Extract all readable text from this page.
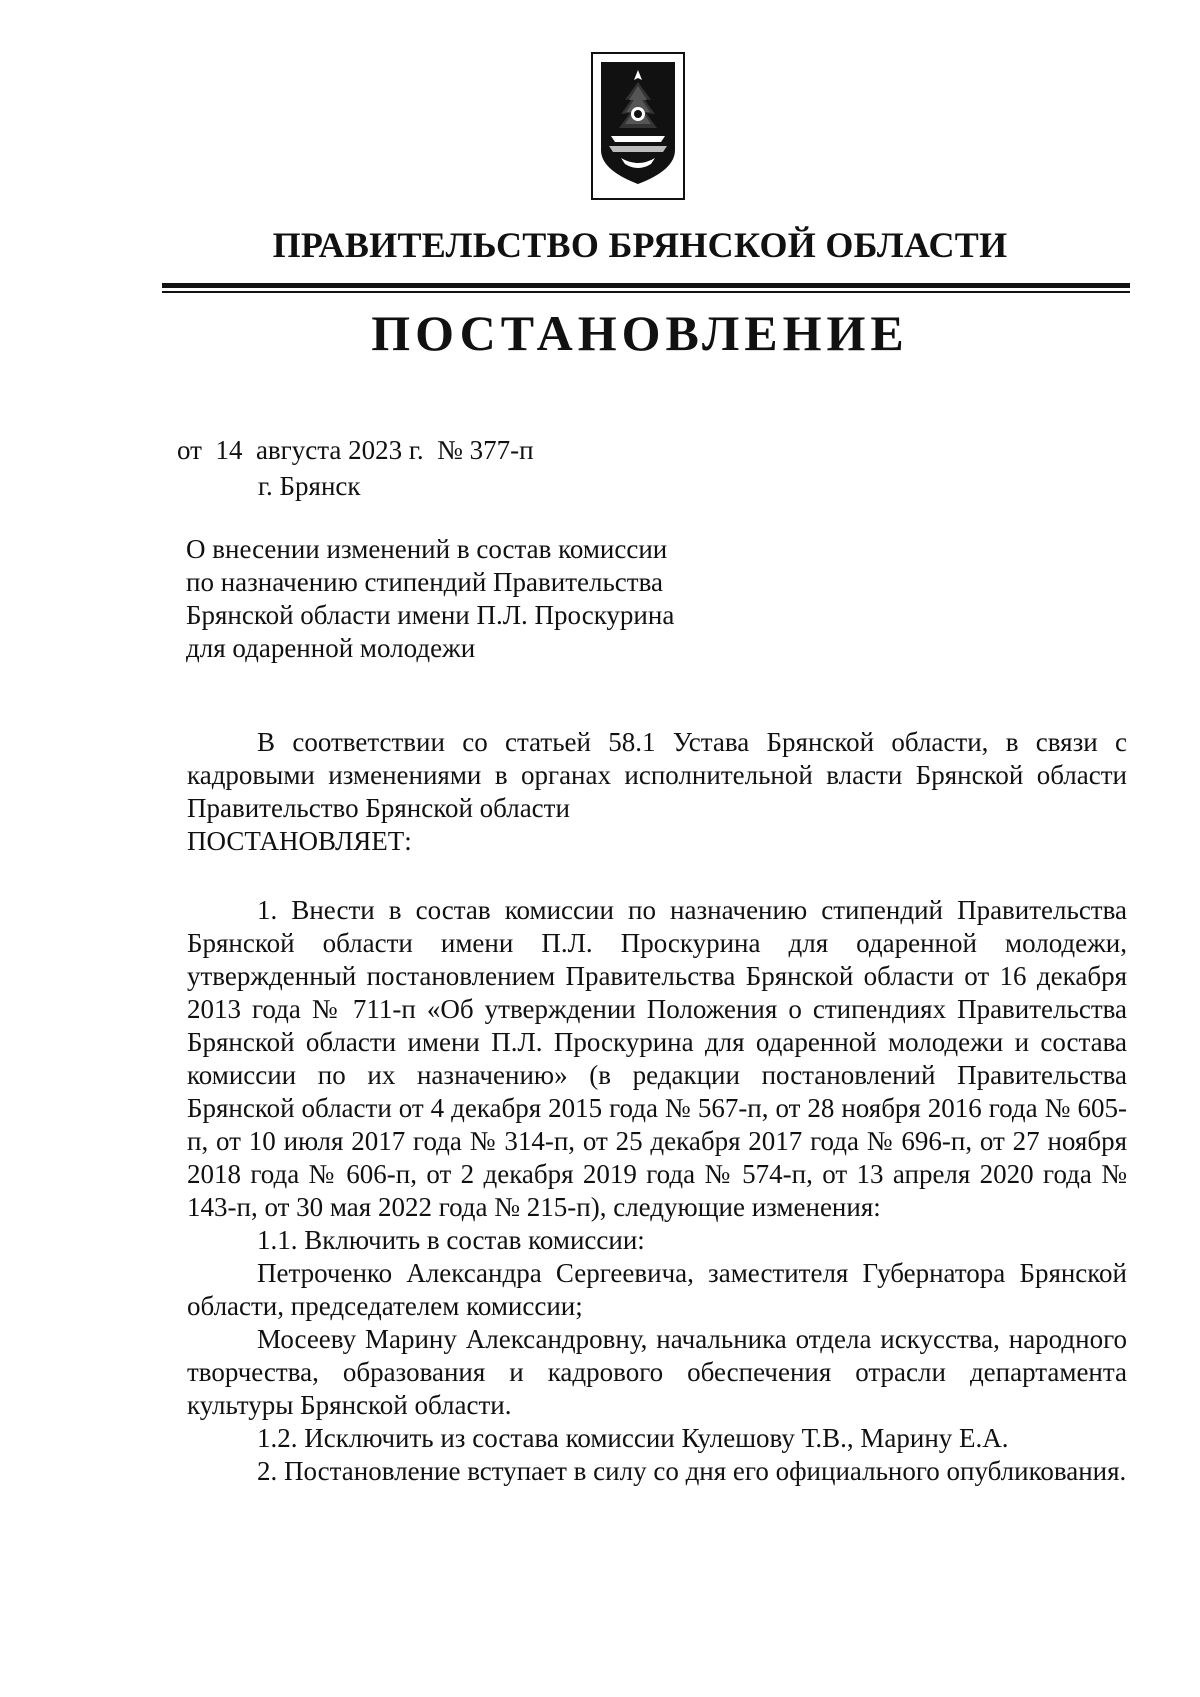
ПРАВИТЕЛЬСТВО БРЯНСКОЙ ОБЛАСТИ
ПОСТАНОВЛЕНИЕ
от  14  августа 2023 г.  № 377-п
г. Брянск
О внесении изменений в состав комиссии
по назначению стипендий Правительства
Брянской области имени П.Л. Проскурина
для одаренной молодежи

В соответствии со статьей 58.1 Устава Брянской области, в связи с кадровыми изменениями в органах исполнительной власти Брянской области Правительство Брянской области

ПОСТАНОВЛЯЕТ:

1. Внести в состав комиссии по назначению стипендий Правительства Брянской области имени П.Л. Проскурина для одаренной молодежи, утвержденный постановлением Правительства Брянской области от 16 декабря 2013 года № 711-п «Об утверждении Положения о стипендиях Правительства Брянской области имени П.Л. Проскурина для одаренной молодежи и состава комиссии по их назначению» (в редакции постановлений Правительства Брянской области от 4 декабря 2015 года № 567-п, от 28 ноября 2016 года № 605-п, от 10 июля 2017 года № 314-п, от 25 декабря 2017 года № 696-п, от 27 ноября 2018 года № 606-п, от 2 декабря 2019 года № 574-п, от 13 апреля 2020 года № 143-п, от 30 мая 2022 года № 215-п), следующие изменения:

1.1. Включить в состав комиссии:

Петроченко Александра Сергеевича, заместителя Губернатора Брянской области, председателем комиссии;

Мосееву Марину Александровну, начальника отдела искусства, народного творчества, образования и кадрового обеспечения отрасли департамента культуры Брянской области.

1.2. Исключить из состава комиссии Кулешову Т.В., Марину Е.А.

2. Постановление вступает в силу со дня его официального опубликования.
